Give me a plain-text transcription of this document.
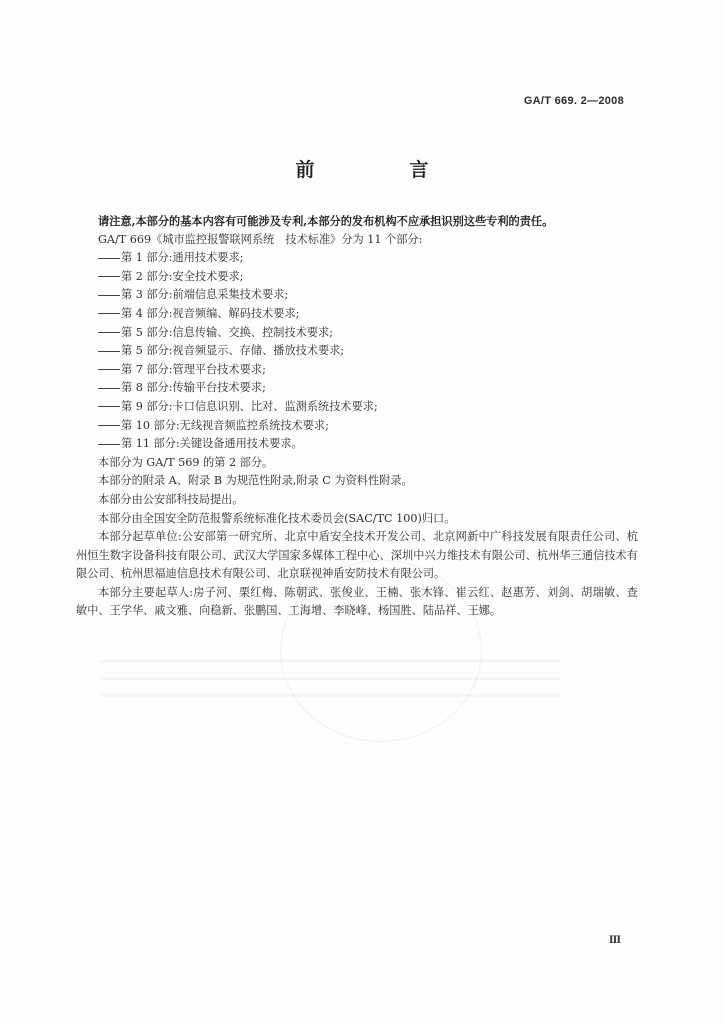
GA/T 669. 2—2008
前　言

请注意,本部分的基本内容有可能涉及专利,本部分的发布机构不应承担识别这些专利的责任。

GA/T 669《城市监控报警联网系统　技术标准》分为 11 个部分:

第 1 部分:通用技术要求;

第 2 部分:安全技术要求;

第 3 部分:前端信息采集技术要求;

第 4 部分:视音频编、解码技术要求;

第 5 部分:信息传输、交换、控制技术要求;

第 5 部分:视音频显示、存储、播放技术要求;

第 7 部分:管理平台技术要求;

第 8 部分:传输平台技术要求;

第 9 部分:卡口信息识别、比对、监测系统技术要求;

第 10 部分:无线视音频监控系统技术要求;

第 11 部分:关键设备通用技术要求。

本部分为 GA/T 569 的第 2 部分。

本部分的附录 A、附录 B 为规范性附录,附录 C 为资料性附录。

本部分由公安部科技局提出。

本部分由全国安全防范报警系统标准化技术委员会(SAC/TC 100)归口。

本部分起草单位:公安部第一研究所、北京中盾安全技术开发公司、北京网新中广科技发展有限责任公司、杭州恒生数字设备科技有限公司、武汉大学国家多媒体工程中心、深圳中兴力维技术有限公司、杭州华三通信技术有限公司、杭州思福迪信息技术有限公司、北京联视神盾安防技术有限公司。

本部分主要起草人:房子河、栗红梅、陈朝武、张俊业、王楠、张木锋、崔云红、赵惠芳、刘剑、胡瑞敏、查敏中、王学华、戚文雅、向稳新、张鹏国、工海增、李晓峰、杨国胜、陆品祥、王娜。

Ⅲ
